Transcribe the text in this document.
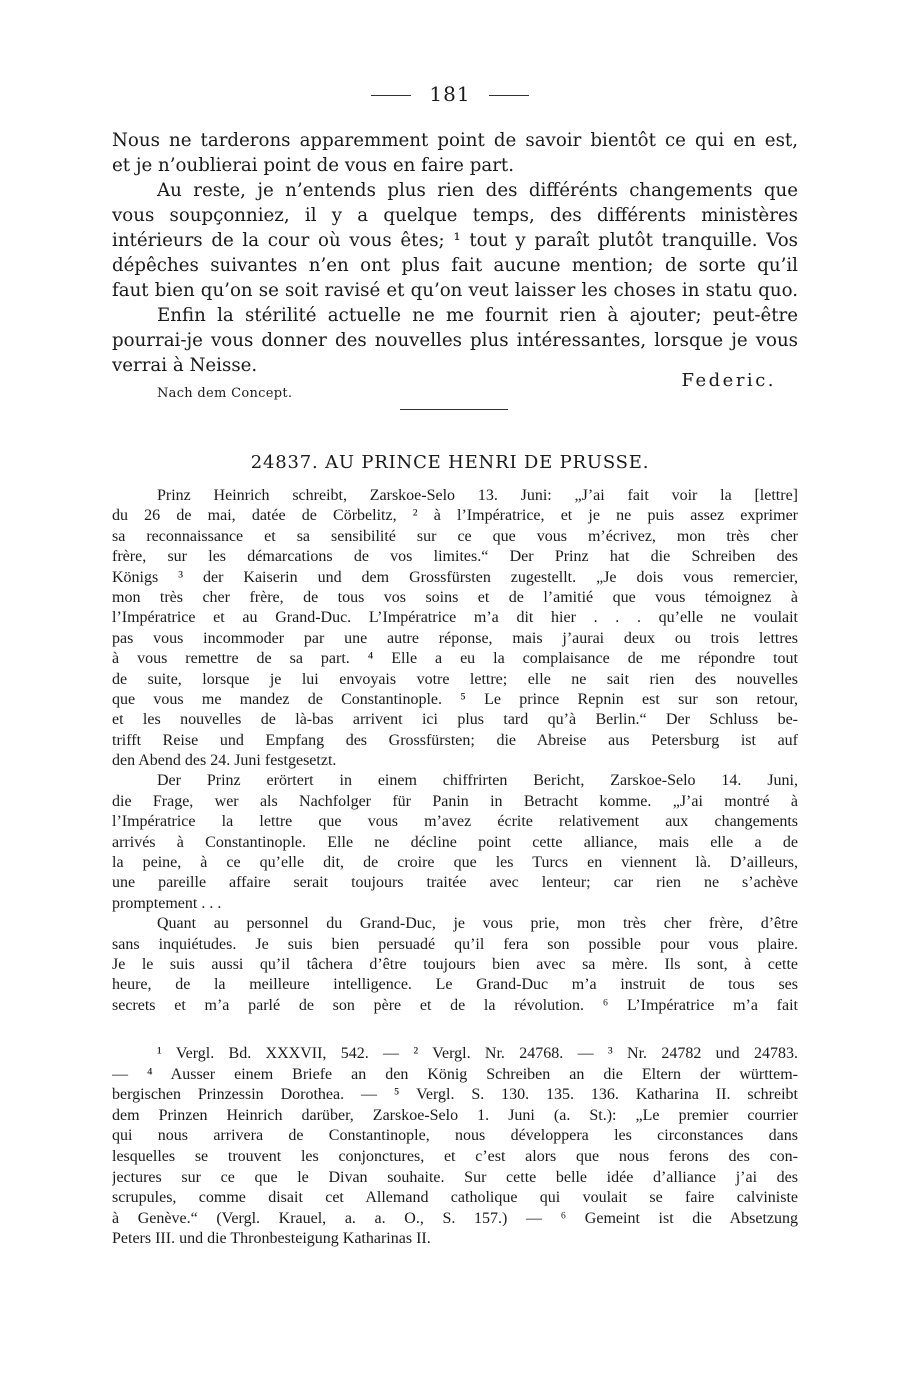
181
Nous ne tarderons apparemment point de savoir bientôt ce qui en est,
et je n’oublierai point de vous en faire part.
Au reste, je n’entends plus rien des différénts changements que
vous soupçonniez, il y a quelque temps, des différents ministères
intérieurs de la cour où vous êtes; ¹ tout y paraît plutôt tranquille. Vos
dépêches suivantes n’en ont plus fait aucune mention; de sorte qu’il
faut bien qu’on se soit ravisé et qu’on veut laisser les choses in statu quo.
Enfin la stérilité actuelle ne me fournit rien à ajouter; peut-être
pourrai-je vous donner des nouvelles plus intéressantes, lorsque je vous
verrai à Neisse.
Nach dem Concept.
Federic.
24837. AU PRINCE HENRI DE PRUSSE.
Prinz Heinrich schreibt, Zarskoe-Selo 13. Juni: „J’ai fait voir la [lettre]
du 26 de mai, datée de Cörbelitz, ² à l’Impératrice, et je ne puis assez exprimer
sa reconnaissance et sa sensibilité sur ce que vous m’écrivez, mon très cher
frère, sur les démarcations de vos limites.“ Der Prinz hat die Schreiben des
Königs ³ der Kaiserin und dem Grossfürsten zugestellt. „Je dois vous remercier,
mon très cher frère, de tous vos soins et de l’amitié que vous témoignez à
l’Impératrice et au Grand-Duc. L’Impératrice m’a dit hier . . . qu’elle ne voulait
pas vous incommoder par une autre réponse, mais j’aurai deux ou trois lettres
à vous remettre de sa part. ⁴ Elle a eu la complaisance de me répondre tout
de suite, lorsque je lui envoyais votre lettre; elle ne sait rien des nouvelles
que vous me mandez de Constantinople. ⁵ Le prince Repnin est sur son retour,
et les nouvelles de là-bas arrivent ici plus tard qu’à Berlin.“ Der Schluss be-
trifft Reise und Empfang des Grossfürsten; die Abreise aus Petersburg ist auf
den Abend des 24. Juni festgesetzt.
Der Prinz erörtert in einem chiffrirten Bericht, Zarskoe-Selo 14. Juni,
die Frage, wer als Nachfolger für Panin in Betracht komme. „J’ai montré à
l’Impératrice la lettre que vous m’avez écrite relativement aux changements
arrivés à Constantinople. Elle ne décline point cette alliance, mais elle a de
la peine, à ce qu’elle dit, de croire que les Turcs en viennent là. D’ailleurs,
une pareille affaire serait toujours traitée avec lenteur; car rien ne s’achève
promptement . . .
Quant au personnel du Grand-Duc, je vous prie, mon très cher frère, d’être
sans inquiétudes. Je suis bien persuadé qu’il fera son possible pour vous plaire.
Je le suis aussi qu’il tâchera d’être toujours bien avec sa mère. Ils sont, à cette
heure, de la meilleure intelligence. Le Grand-Duc m’a instruit de tous ses
secrets et m’a parlé de son père et de la révolution. ⁶ L’Impératrice m’a fait
¹ Vergl. Bd. XXXVII, 542. — ² Vergl. Nr. 24768. — ³ Nr. 24782 und 24783.
— ⁴ Ausser einem Briefe an den König Schreiben an die Eltern der württem-
bergischen Prinzessin Dorothea. — ⁵ Vergl. S. 130. 135. 136. Katharina II. schreibt
dem Prinzen Heinrich darüber, Zarskoe-Selo 1. Juni (a. St.): „Le premier courrier
qui nous arrivera de Constantinople, nous développera les circonstances dans
lesquelles se trouvent les conjonctures, et c’est alors que nous ferons des con-
jectures sur ce que le Divan souhaite. Sur cette belle idée d’alliance j’ai des
scrupules, comme disait cet Allemand catholique qui voulait se faire calviniste
à Genève.“ (Vergl. Krauel, a. a. O., S. 157.) — ⁶ Gemeint ist die Absetzung
Peters III. und die Thronbesteigung Katharinas II.
